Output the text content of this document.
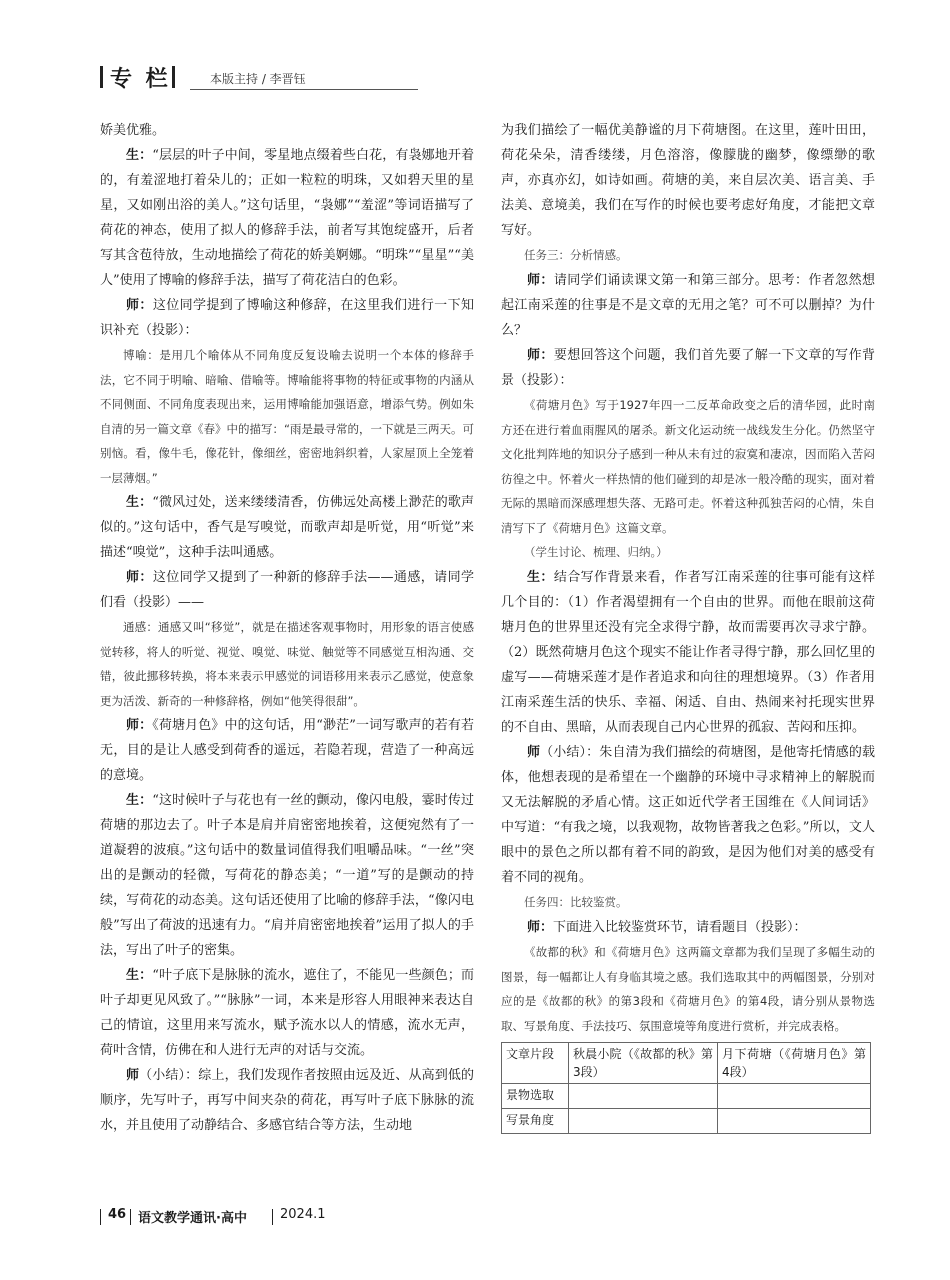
专 栏	本版主持 / 李晋钰

娇美优雅。

生：“层层的叶子中间，零星地点缀着些白花，有袅娜地开着的，有羞涩地打着朵儿的；正如一粒粒的明珠，又如碧天里的星星，又如刚出浴的美人。”这句话里，“袅娜”“羞涩”等词语描写了荷花的神态，使用了拟人的修辞手法，前者写其饱绽盛开，后者写其含苞待放，生动地描绘了荷花的娇美婀娜。“明珠”“星星”“美人”使用了博喻的修辞手法，描写了荷花洁白的色彩。

师：这位同学提到了博喻这种修辞，在这里我们进行一下知识补充（投影）：

博喻：是用几个喻体从不同角度反复设喻去说明一个本体的修辞手法，它不同于明喻、暗喻、借喻等。博喻能将事物的特征或事物的内涵从不同侧面、不同角度表现出来，运用博喻能加强语意，增添气势。例如朱自清的另一篇文章《春》中的描写：“雨是最寻常的，一下就是三两天。可别恼。看，像牛毛，像花针，像细丝，密密地斜织着，人家屋顶上全笼着一层薄烟。”

生：“微风过处，送来缕缕清香，仿佛远处高楼上渺茫的歌声似的。”这句话中，香气是写嗅觉，而歌声却是听觉，用“听觉”来描述“嗅觉”，这种手法叫通感。

师：这位同学又提到了一种新的修辞手法——通感，请同学们看（投影）——

通感：通感又叫“移觉”，就是在描述客观事物时，用形象的语言使感觉转移，将人的听觉、视觉、嗅觉、味觉、触觉等不同感觉互相沟通、交错，彼此挪移转换，将本来表示甲感觉的词语移用来表示乙感觉，使意象更为活泼、新奇的一种修辞格，例如“他笑得很甜”。

师：《荷塘月色》中的这句话，用“渺茫”一词写歌声的若有若无，目的是让人感受到荷香的遥远，若隐若现，营造了一种高远的意境。

生：“这时候叶子与花也有一丝的颤动，像闪电般，霎时传过荷塘的那边去了。叶子本是肩并肩密密地挨着，这便宛然有了一道凝碧的波痕。”这句话中的数量词值得我们咀嚼品味。“一丝”突出的是颤动的轻微，写荷花的静态美；“一道”写的是颤动的持续，写荷花的动态美。这句话还使用了比喻的修辞手法，“像闪电般”写出了荷波的迅速有力。“肩并肩密密地挨着”运用了拟人的手法，写出了叶子的密集。

生：“叶子底下是脉脉的流水，遮住了，不能见一些颜色；而叶子却更见风致了。”“脉脉”一词，本来是形容人用眼神来表达自己的情谊，这里用来写流水，赋予流水以人的情感，流水无声，荷叶含情，仿佛在和人进行无声的对话与交流。

师（小结）：综上，我们发现作者按照由远及近、从高到低的顺序，先写叶子，再写中间夹杂的荷花，再写叶子底下脉脉的流水，并且使用了动静结合、多感官结合等方法，生动地

为我们描绘了一幅优美静谧的月下荷塘图。在这里，莲叶田田，荷花朵朵，清香缕缕，月色溶溶，像朦胧的幽梦，像缥缈的歌声，亦真亦幻，如诗如画。荷塘的美，来自层次美、语言美、手法美、意境美，我们在写作的时候也要考虑好角度，才能把文章写好。

任务三：分析情感。

师：请同学们诵读课文第一和第三部分。思考：作者忽然想起江南采莲的往事是不是文章的无用之笔？可不可以删掉？为什么？

师：要想回答这个问题，我们首先要了解一下文章的写作背景（投影）：

《荷塘月色》写于1927年四一二反革命政变之后的清华园，此时南方还在进行着血雨腥风的屠杀。新文化运动统一战线发生分化。仍然坚守文化批判阵地的知识分子感到一种从未有过的寂寞和凄凉，因而陷入苦闷彷徨之中。怀着火一样热情的他们碰到的却是冰一般冷酷的现实，面对着无际的黑暗而深感理想失落、无路可走。怀着这种孤独苦闷的心情，朱自清写下了《荷塘月色》这篇文章。

（学生讨论、梳理、归纳。）

生：结合写作背景来看，作者写江南采莲的往事可能有这样几个目的：（1）作者渴望拥有一个自由的世界。而他在眼前这荷塘月色的世界里还没有完全求得宁静，故而需要再次寻求宁静。（2）既然荷塘月色这个现实不能让作者寻得宁静，那么回忆里的虚写——荷塘采莲才是作者追求和向往的理想境界。（3）作者用江南采莲生活的快乐、幸福、闲适、自由、热闹来衬托现实世界的不自由、黑暗，从而表现自己内心世界的孤寂、苦闷和压抑。

师（小结）：朱自清为我们描绘的荷塘图，是他寄托情感的载体，他想表现的是希望在一个幽静的环境中寻求精神上的解脱而又无法解脱的矛盾心情。这正如近代学者王国维在《人间词话》中写道：“有我之境，以我观物，故物皆著我之色彩。”所以，文人眼中的景色之所以都有着不同的韵致，是因为他们对美的感受有着不同的视角。

任务四：比较鉴赏。

师：下面进入比较鉴赏环节，请看题目（投影）：

《故都的秋》和《荷塘月色》这两篇文章都为我们呈现了多幅生动的图景，每一幅都让人有身临其境之感。我们选取其中的两幅图景，分别对应的是《故都的秋》的第3段和《荷塘月色》的第4段，请分别从景物选取、写景角度、手法技巧、氛围意境等角度进行赏析，并完成表格。

文章片段	秋晨小院（《故都的秋》第3段）	月下荷塘（《荷塘月色》第4段）
景物选取		
写景角度		
46 语文教学通讯·高中	2024.1
